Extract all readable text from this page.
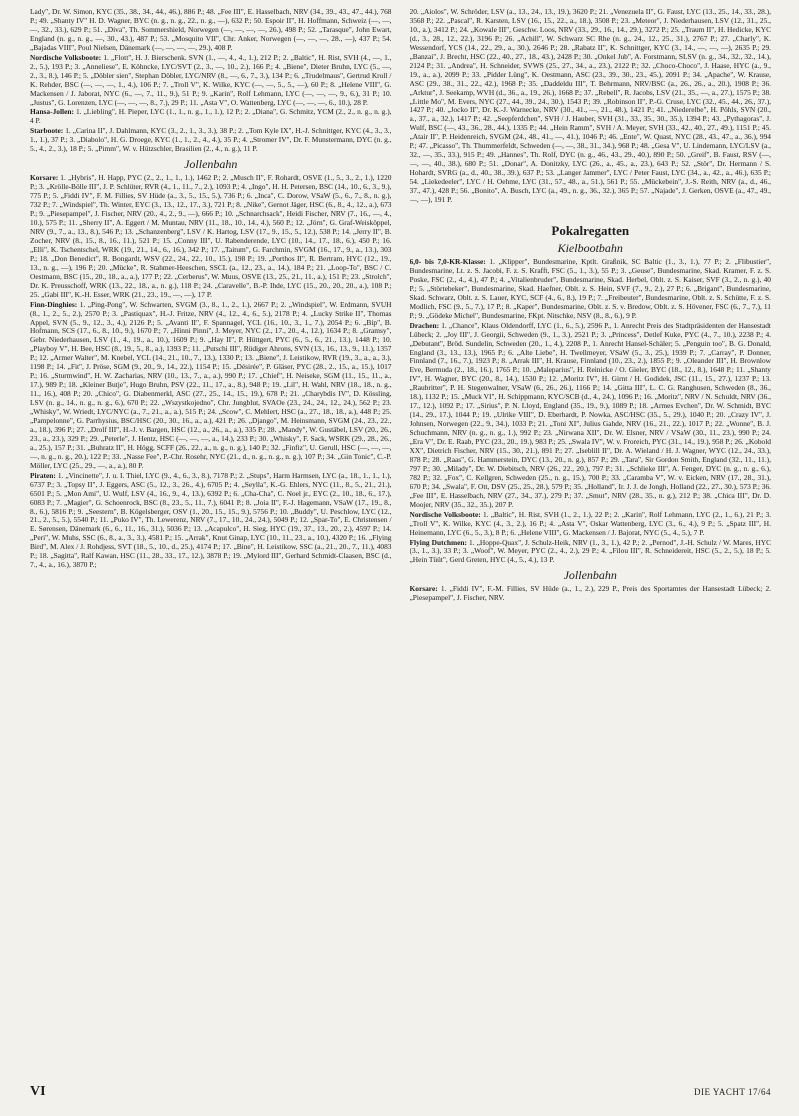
Lady", Dr. W. Simon, KYC (35., 38., 34., 44., 46.), 886 P.; 48. „Fee III", E. Hasselbach, NRV (34., 39., 43., 47., 44.), 768 P.; 49. „Shanty IV" H. D. Wagner, BYC (n. g., n. g., 22., n. g., —), 632 P.; 50. Espoir II", H. Hoffmann, Schweiz (—, —, —, 32., 33.), 629 P.; 51. „Diva", Th. Sommershield, Norwegen (—, —, —, —, 26.), 498 P.; 52. „Tarasque", John Ewart, England (n. g., n. g., —, 30., 43.), 487 P.; 53. „Mosquito VII", Chr. Anker, Norwegen (—, —, —, 28., —), 437 P.; 54. „Bajadas VIII", Poul Nielsen, Dänemark (—, —, —, —, 29.), 408 P.

Nordische Volksboote: 1. „Flott", H. J. Bierschenk. SVN (1., —, 4., 4., 1.), 212 P.; 2. „Baltic", H. Rist, SVH (4., —, 1., 2., 5.), 193 P.; 3. „Anneliese", E. Köhncke, LYC/SVT (2., 3., —, 10., 2.), 166 P.; 4. „Biene", Dieter Bruhn, LYC (5., —, 2., 3., 8.), 146 P.; 5. „Döbler sien", Stephan Döbler, LYC/NRV (8., —, 6., 7., 3.), 134 P.; 6. „Trudelmaus", Gertrud Kroll / K. Rehder, BSC (—, —, —, 1., 4.), 106 P.; 7. „Troll V", K. Wilke, KYC (—, —, 5., 5., —), 60 P.; 8. „Helene VIII", G. Mackensen / J. Jaborat, NYC (6., —, 7., 11., 9.), 51 P.; 9. „Karin", Rolf Lehmann, LYC (—, —, —, 9., 6.), 31 P.; 10. „Justus", G. Lorenzen, LYC (—, —, —, 8., 7.), 29 P.; 11. „Asta V", O. Wattenberg, LYC (—, —, —, 6., 10.), 28 P.

Hansa-Jollen: 1. „Liebling", H. Pieper, LYC (1., 1., n. g., 1., 1.), 12 P.; 2. „Diana", G. Schmitz, YCM (2., 2., n. g., n. g.), 4 P.

Starboote: 1. „Carina II", J. Dahlmann, KYC (3., 2., 1., 3., 3.), 38 P.; 2. „Tom Kyle IX", H.-J. Schnittger, KYC (4., 3., 3., 1., 1.), 37 P.; 3. „Diabolo", H. G. Droege, KYC (1., 1., 2., 4., 4.), 35 P.; 4. „Stromer IV", Dr. F. Munstermann, DYC (n. g., 5., 4., 2., 3.), 18 P.; 5. „Pimm", W. v. Hützschler, Brasilien (2., 4., n. g.), 11 P.

Jollenbahn

Korsare: 1. „Hybris", H. Happ, PYC (2., 2., 1., 1., 1.), 1462 P.; 2. „Musch II", F. Rohardt, OSVE (1., 5., 3., 2., 1.), 1220 P.; 3. „Krölle-Bölle III", J. P. Schlüter, RVR (4., 1., 11., 7., 2.), 1093 P.; 4. „Ingo", H. H. Petersen, BSC (14., 10., 6., 3., 9.), 775 P.; 5. „Fiddi IV", F. M. Fillies, SV Hüde (a., 3., 5., 15., 5.), 736 P.; 6. „Inca", C. Dorow, VSaW (5., 6., 7., 8., n. g.), 732 P.; 7. „Windspiel", Th. Winter, EYC (3., 13., 12., 17., 3.), 721 P.; 8. „Nike", Gernot Jäger, HSC (6., 8., 4., 12., a.), 673 P.; 9. „Piesepampel", J. Fischer, NRV (20., 4., 2., 9., —), 666 P.; 10. „Schnarchsack", Heidi Fischer, NRV (7., 16., —, 4., 10.), 575 P.; 11. „Sherry II", A. Eggert / M. Muntau, NRV (11., 18., 10., 14., 4.), 560 P.; 12. „Jörn", G. Graf-Weisköppel, NRV (9., 7., a., 13., 8.), 546 P.; 13. „Schanzenberg", LSV / K. Hartog, LSV (17., 9., 15., 5., 12.), 538 P.; 14. „Jerry II", B. Zocher, NRV (8., 15., 8., 16., 11.), 521 P.; 15. „Conny III", U. Rabenderende, LYC (10., 14., 17., 18., 6.), 450 P.; 16. „Elli", K. Tschentschel, WRK (19., 21., 14., 6., 16.), 342 P.; 17. „Taitum", G. Farchmin, SVGM (16., 17., 9., a., 13.), 303 P.; 18. „Don Benedict", R. Bongardt, WSV (22., 24., 22., 10., 15.), 198 P.; 19. „Porthos II", R. Bertram, HYC (12., 19., 13., n. g., —), 196 P.; 20. „Mücke", R. Stahmer-Heeschen, SSCL (a., 12., 23., a., 14.), 184 P.; 21. „Loop-To", BSC / C. Oestmann, BSC (15., 20., 18., a., a.), 177 P.; 22. „Cerberus", W. Muus, OSVE (13., 25., 21., 11., a.), 151 P.; 23. „Strolch", Dr. K. Preusschoff, WRK (13., 22., 18., a., n. g.), 118 P.; 24. „Caravelle", B.-P. Ihde, LYC (15., 20., 20., 20., a.), 108 P.; 25. „Gabi III", K.-H. Esser, WRK (21., 23., 19., —, —), 17 P.

Finn-Dinghies: 1. „Ping-Pong", W. Schwarten, SVGM (3., 8., 1., 2., 1.), 2667 P.; 2. „Windspiel", W. Erdmann, SVUH (8., 1., 2., 5., 2.), 2570 P.; 3. „Pastiquax", H.-J. Fritze, NRV (4., 12., 4., 6., 5.), 2178 P.; 4. „Lucky Strike II", Thomas Appel, SVN (5., 9., 12., 3., 4.), 2126 P.; 5. „Avanti II", F. Spannagel, YCL (16., 10., 3., 1., 7.), 2054 P.; 6. „Bip", B. Hofmann, SCS (17., 6., 8., 10., 9.), 1670 P.; 7. „Hinni Pinni", J. Meyer, NYC (2., 17., 20., 4., 12.), 1634 P.; 8. „Gramsy", Gebr. Niederhausen, LSV (1., 4., 19., a., 10.), 1609 P.; 9. „Hay II", P. Hüttgert, PYC (6., 5., 6., 21., 13.), 1448 P.; 10. „Playboy V", H. Bee, HSC (8., 19., 5., 8., a.), 1393 P.; 11. „Putschi III", Rüdiger Ahrons, SVN (13., 16., 13., 9., 11.), 1357 P.; 12. „Armer Walter", M. Knebel, YCL (14., 21., 10., 7., 13.), 1330 P.; 13. „Biene", J. Leistikow, RVR (19., 3., a., a., 3.), 1198 P.; 14. „Fit", J. Pröse, SGM (9., 20., 9., 14., 22.), 1154 P.; 15. „Désirée", P. Gläser, PYC (28., 2., 15., a., 15.), 1017 P.; 16. „Sturmwind", H. W. Zacharias, NRV (10., 13., 7., a., a.), 990 P.; 17. „Chief", H. Neiseke, SGM (11., 15., 11., a., 17.), 989 P.; 18. „Kleiner Butje", Hugo Bruhn, PSV (22., 11., 17., a., 8.), 948 P.; 19. „Lil", H. Wahl, NRV (18., 18., n. g., 11., 16.), 408 P.; 20. „Chico", G. Diabenmerkl, ASC (27., 25., 14., 15., 19.), 678 P.; 21. „Charybdis IV", D. Kössling, LSV (n. g., 14., n. g., n. g., 6.), 670 P.; 22. „Wszystkojedno", Chr. Jungblut, SVAOe (23., 24., 24., 12., 24.), 562 P.; 23. „Whisky", W. Wriedt, LYC/NYC (a., 7., 21., a., a.), 515 P.; 24. „Scow", C. Mehlert, HSC (a., 27., 18., 18., a.), 448 P.; 25. „Pampelonne", G. Parrhysius, BSC/HSC (20., 30., 16., a., a.), 421 P.; 26. „Django", M. Heinsmann, SVGM (24., 23., 22., a., 18.), 396 P.; 27. „Drolf III", H.-J. v. Bargen, HSC (12., a., 26., a., a.), 335 P.; 28. „Mandy", W. Gustäbel, LSV (20., 26., 23., a., 23.), 329 P.; 29. „Peterle", J. Hentz, HSC (—, —, —, a., 14.), 233 P.; 30. „Whisky", F. Sack, WSRK (29., 28., 26., a., 25.), 157 P.; 31. „Buhratz II", H. Högg, SCFF (26., 22., a., n. g., n. g.), 140 P.; 32. „Finfiz", U. Gerull, HSC (—, —, —, —, n. g., n. g., 20.), 122 P.; 33. „Nasse Fee", P.-Chr. Rosehr, NYC (21., d., n. g., n. g., n. g.), 107 P.; 34. „Gin Tonic", C.-P. Möller, LYC (25., 29., —, a., a.), 80 P.

Piraten: 1. „Vincinette", J. u. I. Thiel, LYC (9., 4., 6., 3., 8.), 7178 P.; 2. „Stups", Harm Harmsen, LYC (a., 18., 1., 1., 1.), 6737 P.; 3. „Topsy II", J. Eggers, ASC (5., 12., 3., 26., 4.), 6705 P.; 4. „Seylla", K.-G. Ehlers, NYC (11., 8., 5., 21., 21.), 6501 P.; 5. „Mon Ami", U. Wulf, LSV (4., 16., 9., 4., 13.), 6392 P.; 6. „Cha-Cha", C. Noel jr., EYC (2., 10., 18., 6., 17.), 6083 P.; 7. „Magier", G. Schoenrock, BSC (8., 23., 5., 11., 7.), 6041 P.; 8. „Joia II", F.-J. Hagemann, VSaW (17., 19., 8., 8., 6.), 5816 P.; 9. „Seestern", B. Kögelsberger, OSV (1., 20., 15., 15., 9.), 5756 P.; 10. „Buddy", U. Peschlow, LYC (12., 21., 2., 5., 5.), 5540 P.; 11. „Puko IV", Th. Lewerenz, NRV (7., 17., 10., 24., 24.), 5049 P.; 12. „Spar-To", E. Christensen / E. Sørensen, Dänemark (6., 6., 11., 16., 31.), 5036 P.; 13. „Acapulco", H. Sieg, HYC (19., 37., 13., 20., 2.), 4597 P.; 14. „Peri", W. Muhs, SSC (6., 8., a., 3., 3.), 4581 P.; 15. „Arrak", Knut Ginap, LYC (10., 11., 23., a., 10.), 4320 P.; 16. „Flying Bird", M. Alex / J. Rohdjess, SVT (18., 5., 10., d., 25.), 4174 P.; 17. „Bine", H. Leistikow, SSC (a., 21., 20., 7., 11.), 4083 P.; 18. „Sagitta", Ralf Kawan, HSC (11., 28., 33., 17., 12.), 3878 P.; 19. „Mylord III", Gerhard Schmidt-Claasen, BSC (d., 7., 4., a., 16.), 3870 P.;

20. „Aiolos", W. Schröder, LSV (a., 13., 24., 13., 19.), 3620 P.; 21. „Venezuela II", G. Faust, LYC (13., 25., 14., 33., 28.), 3568 P.; 22. „Pascal", R. Karsten, LSV (16., 15., 22., a., 18.), 3508 P.; 23. „Meteor", J. Niederhausen, LSV (12., 31., 25., 10., a.), 3412 P.; 24. „Kowale III", Geschw. Loos, NRV (33., 29., 16., 14., 29.), 3272 P.; 25. „Traum II", H. Hedicke, KYC (d., 3., 28., 12., 22.), 3196 P.; 26. „Achill", W. Schwarz SC Rhe (n. g., 24., 12., 25., 31.), 2767 P.; 27. „Charly", K. Wessendorf, YCS (14., 22., 29., a., 30.), 2646 P.; 28. „Rabatz II", K. Schnittger, KYC (3., 14., —, —, —), 2635 P.; 29. „Banzai", J. Brecht, HSC (22., 40., 27., 18., 43.), 2428 P.; 30. „Onkel Jub", A. Forstmann, SLSV (n. g., 34., 32., 32., 14.), 2124 P.; 31. „Andrea", H. Schneider, SVWS (25., 27., 34., a., 23.), 2122 P.; 32. „Choco-Choco", J. Haase, HYC (a., 9., 19., a., a.), 2099 P.; 33. „Pidder Lüng", K. Oestmann, ASC (23., 39., 30., 23., 45.), 2091 P.; 34. „Apache", W. Krause, ASC (29., 38., 31., 22., 42.), 1968 P.; 35. „Daddeldu III", T. Behrmann, NRV/BSC (a., 26., 26., a., 20.), 1908 P.; 36. „Arktur", J. Seekamp, WVH (d., 36., a., 19., 26.), 1668 P.; 37. „Rebell", R. Jacobs, LSV (21., 35., —, a., 27.), 1575 P.; 38. „Little Mo", M. Evers, NYC (27., 44., 39., 24., 30.), 1543 P.; 39. „Robinson II", P.-G. Cruse, LYC (32., 45., 44., 26., 37.), 1427 P.; 40. „Jocko II", Dr. K.-J. Warnecke, NRV (30., 41., —, 21., 48.), 1421 P.; 41. „Niederelbe", H. Pöhls, SVN (20., a., 37., a., 32.), 1417 P.; 42. „Seepferdchen", SVH / J. Hauber, SVH (31., 33., 35., 30., 35.), 1394 P.; 43. „Pythagoras", J. Wulf, BSC (—, 43., 36., 28., 44.), 1335 P.; 44. „Hein Ramm", SVH / A. Meyer, SVH (33., 42., 40., 27., 49.), 1151 P.; 45. „Atair II", P. Heidenreich, SVGM (24., 48., 41., —, 41.), 1046 P.; 46. „Ente", W. Quast, NYC (28., 43., 47., a., 36.), 994 P.; 47. „Picasso", Th. Thummerfeldt, Schweden (—, —, 38., 31., 34.), 968 P.; 48. „Gesa V", U. Lindemann, LYC/LSV (a., 32., —, 35., 33.), 915 P.; 49. „Hannes", Th. Rolf, DYC (n. g., 46., 43., 29., 40.), 890 P.; 50. „Greif", B. Faust, RSV (—, —, —, 40., 38.), 680 P.; 51. „Donar", A. Donitzky, LYC (26., a., 45., a., 23.), 643 P.; 52. „Stör", Dr. Hermann / S. Hohardt, SVRG (a., d., 40., 38., 39.), 637 P.; 53. „Langer Jammer", LYC / Peter Faust, LYC (34., a., 42., a., 46.), 635 P.; 54. „Liekedeeler", LYC / H. Oehme, LYC (31., 57., 48., a., 51.), 561 P.; 55. „Mückebein", J.-S. Reith, NRV (a., d., 46., 37., 47.), 428 P.; 56. „Bonito", A. Busch, LYC (a., 49., n. g., 36., 32.), 365 P.; 57. „Najade", J. Gerken, OSVE (a., 47., 49., —, —), 191 P.

Pokalregatten
Kielbootbahn

6,0- bis 7,0-KR-Klasse: 1. „Klipper", Bundesmarine, Kptlt. Graßnik, SC Baltic (1., 3., 1.), 77 P.; 2. „Flibustier", Bundesmarine, Lt. z. S. Jacobi, F. z. S. Krafft, FSC (5., 1., 3.), 55 P.; 3. „Geuse", Bundesmarine, Skad. Kramer, F. z. S. Poske, FSC (2., 4., 4.), 47 P.; 4. „Vitalienbruder", Bundesmarine, Skad. Herbel, Oblt. z. S. Kaiser, SVF (3., 2., n. g.), 40 P.; 5. „Störtebeker", Bundesmarine, Skad. Haefner, Oblt. z. S. Hein, SVF (7., 9., 2.), 27 P.; 6. „Brigant", Bundesmarine, Skad. Schwarz, Oblt. z. S. Lauer, KYC, SCF (4., 6., 8.), 19 P.; 7. „Freibeuter", Bundesmarine, Oblt. z. S. Schütte, F. z. S. Modlich, FSC (9., 5., 7.), 17 P.; 8. „Kaper", Bundesmarine, Oblt. z. S. v. Bredow, Oblt. z. S. Hövener, FSC (6., 7., 7.), 11 P.; 9. „Gödeke Michel", Bundesmarine, FKpt. Nitschke, NSV (8., 8., 6.), 9 P.

Drachen: 1. „Chance", Klaus Oldendorff, LYC (1., 6., 5.), 2596 P., 1. Anrecht Preis des Stadtpräsidenten der Hansestadt Lübeck; 2. „Joy III", J. Georgii, Schweden (9., 1., 3.), 2521 P.; 3. „Princess", Detlef Kuke, PYC (4., 7., 10.), 2238 P.; 4. „Debutant", Bröd. Sundelin, Schweden (20., 1., 4.), 2208 P., 1. Anrecht Hansel-Schäler; 5. „Penguin too", B. G. Donald, England (3., 13., 13.), 1965 P.; 6. „Alte Liebe", H. Twellmeyer, VSaW (5., 3., 25.), 1939 P.; 7. „Carray", P. Donner, Finnland (7., 16., 7.), 1923 P.; 8. „Arrak III", H. Krause, Finnland (10., 23., 2.), 1855 P.; 9. „Oleander III", H. Brownlow Eve, Bermuda (2., 18., 16.), 1765 P.; 10. „Maleparius", H. Reinicke / O. Gieler, BYC (18., 12., 8.), 1648 P.; 11. „Shanty IV", H. Wagner, BYC (20., 8., 14.), 1530 P.; 12. „Moritz IV", H. Girnt / H. Godidek, JSC (11., 15., 27.), 1237 P.; 13. „Raubritter", P. H. Stegenwalner, VSaW (6., 26., 26.), 1166 P.; 14. „Gitta III", L. C. G. Ranghusen, Schweden (8., 36., 18.), 1132 P.; 15. „Muck VI", H. Schippmann, KYC/SCB (d., 4., 24.), 1096 P.; 16. „Moritz", NRV / N. Schuldt, NRV (36., 17., 12.), 1092 P.; 17. „Sirius", P. N. Lloyd, England (35., 19., 9.), 1089 P.; 18. „Armes Evchen", Dr. W. Schmidt, BYC (14., 29., 17.), 1044 P.; 19. „Ulrike VIII", D. Eberhardt, P. Nowka, ASC/HSC (35., 5., 29.), 1040 P.; 20. „Crazy IV", J. Johnsen, Norwegen (22., 9., 34.), 1033 P.; 21. „Toni XI", Julius Gahde, NRV (16., 21., 22.), 1017 P.; 22. „Wonne", B. J. Schuchmann, NRV (n. g., n. g., 1.), 992 P.; 23. „Nirwana XII", Dr. W. Elsner, NRV / VSaW (30., 11., 23.), 990 P.; 24. „Era V", Dr. E. Raab, PYC (23., 20., 19.), 983 P.; 25. „Swala IV", W. v. Froreich, PYC (31., 14., 19.), 958 P.; 26. „Kobold XX", Dietrich Fischer, NRV (15., 30., 21.), 891 P.; 27. „Iseblill II", Dr. A. Wieland / H. J. Wagner, WYC (12., 24., 33.), 878 P.; 28. „Raas", G. Hammerstein, DYC (13., 20., n. g.), 857 P.; 29. „Tara", Sir Gordon Smith, England (32., 11., 11.), 797 P.; 30. „Milady", Dr. W. Diebitsch, NRV (26., 22., 20.), 797 P.; 31. „Schlieke III", A. Fenger, DYC (n. g., n. g., 6.), 782 P.; 32. „Fox", C. Kellgren, Schweden (25., n. g., 15.), 700 P.; 33. „Caramba V", W. v. Eicken, NRV (17., 28., 31.), 670 P.; 34. „Swala", F. Ott, DSV (25., 25., 28.), 579 P.; 35. „Holland", Ir. J. J. de Jongh, Holland (22., 27., 30.), 573 P.; 36. „Fee III", E. Hasselbach, NRV (27., 34., 37.), 279 P.; 37. „Smut", NRV (28., 35., n. g.), 212 P.; 38. „Chica III", Dr. D. Moojer, NRV (35., 32., 35.), 207 P.

Nordische Volksboote: 1. „Baltic", H. Rist, SVH (1., 2., 1.), 22 P.; 2. „Karin", Rolf Lehmann, LYC (2., 1., 6.), 21 P.; 3. „Troll V", K. Wilke, KYC (4., 3., 2.), 16 P.; 4. „Asta V", Oskar Wattenberg, LYC (3., 6., 4.), 9 P.; 5. „Spatz III", H. Heinemann, LYC (6., 5., 3.), 8 P.; 6. „Helene VIII", G. Mackensen / J. Bajorat, NYC (5., 4., 5.), 7 P.

Flying Dutchmen: 1. „Hoppe-Quax", J. Schulz-Heik, NRV (1., 3., 1.), 42 P.; 2. „Pernod", J.-H. Schulz / W. Mares, HYC (3., 1., 3.), 33 P.; 3. „Woof", W. Meyer, PYC (2., 4., 2.), 29 P.; 4. „Filou III", R. Schneidereit, HSC (5., 2., 5.), 18 P.; 5. „Hein Tüüt", Gerd Greten, HYC (4., 5., 4.), 13 P.

Jollenbahn

Korsare: 1. „Fiddi IV", F.-M. Fillies, SV Hüde (a., 1., 2.), 229 P., Preis des Sportamtes der Hansestadt Lübeck; 2. „Piesepampel", J. Fischer, NRV.

VI	DIE YACHT 17/64
